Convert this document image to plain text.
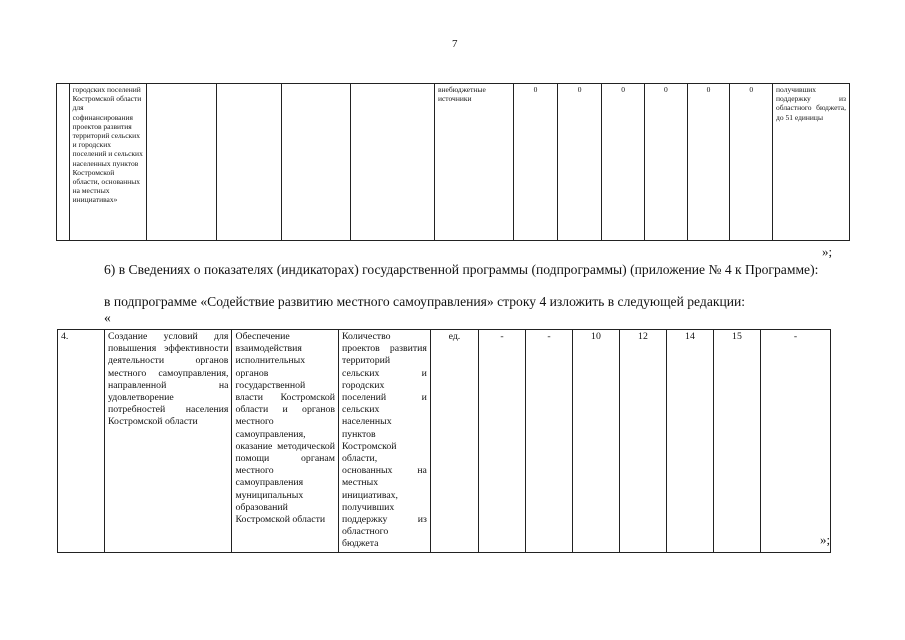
7
	городских поселений Костромской области для софинансирования проектов развития территорий сельских и городских поселений и сельских населенных пунктов Костромской области, основанных на местных инициативах»					внебюджетные источники	0	0	0	0	0	0	получивших поддержку из областного бюджета, до 51 единицы
»;
6) в Сведениях о показателях (индикаторах) государственной программы (подпрограммы) (приложение № 4 к Программе):
в подпрограмме «Содействие развитию местного самоуправления» строку 4 изложить в следующей редакции:
«
4.	Создание условий для повышения эффективности деятельности органов местного самоуправления, направленной на удовлетворение потребностей населения Костромской области	Обеспечение взаимодействия исполнительных органов государственной власти Костромской области и органов местного самоуправления, оказание методической помощи органам местного самоуправления муниципальных образований Костромской области	Количество проектов развития территорий сельских и городских поселений и сельских населенных пунктов Костромской области, основанных на местных инициативах, получивших поддержку из областного бюджета	ед.	-	-	10	12	14	15	-
»;
